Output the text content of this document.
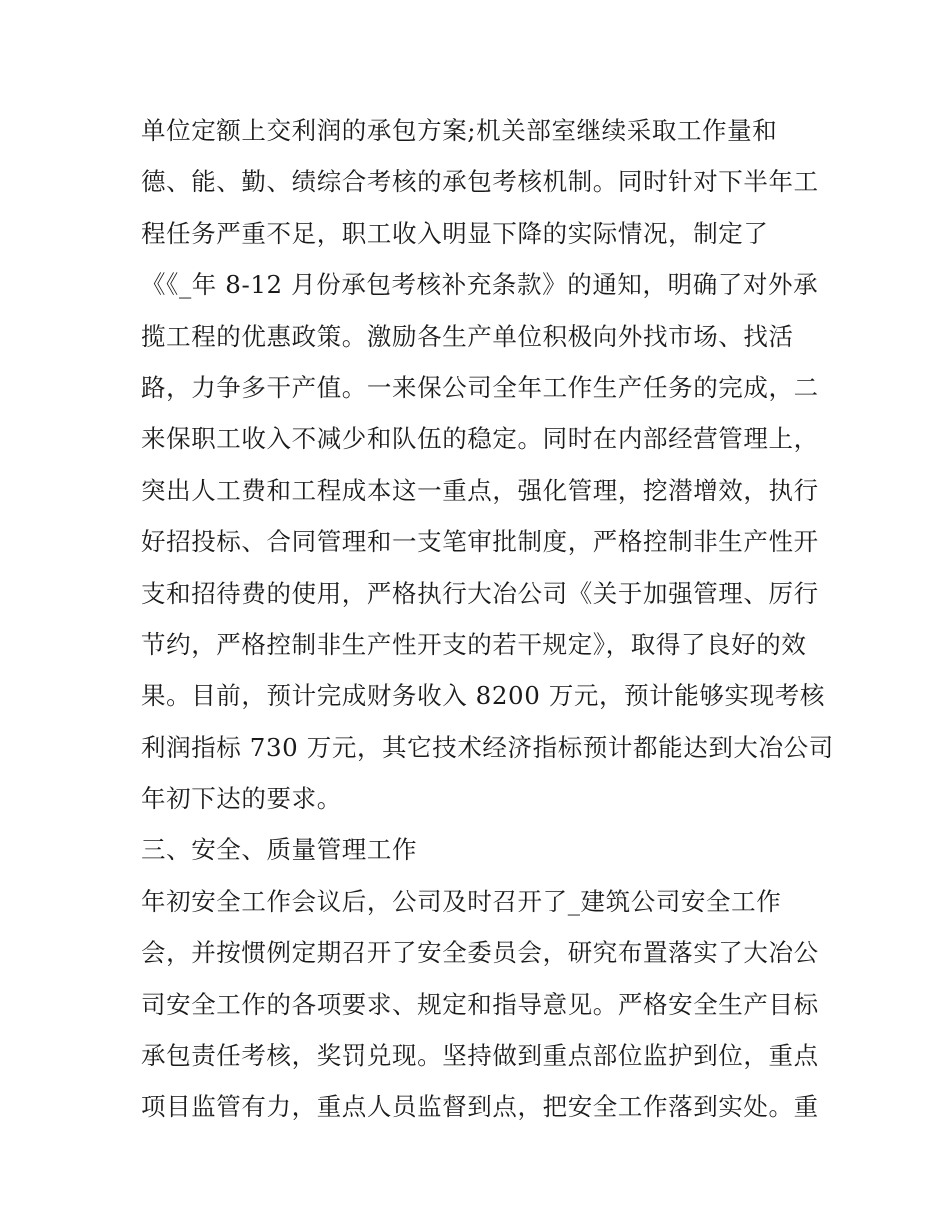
单位定额上交利润的承包方案;机关部室继续采取工作量和
德、能、勤、绩综合考核的承包考核机制。同时针对下半年工
程任务严重不足，职工收入明显下降的实际情况，制定了
《《_年 8-12 月份承包考核补充条款》的通知，明确了对外承
揽工程的优惠政策。激励各生产单位积极向外找市场、找活
路，力争多干产值。一来保公司全年工作生产任务的完成，二
来保职工收入不减少和队伍的稳定。同时在内部经营管理上，
突出人工费和工程成本这一重点，强化管理，挖潜增效，执行
好招投标、合同管理和一支笔审批制度，严格控制非生产性开
支和招待费的使用，严格执行大冶公司《关于加强管理、厉行
节约，严格控制非生产性开支的若干规定》，取得了良好的效
果。目前，预计完成财务收入 8200 万元，预计能够实现考核
利润指标 730 万元，其它技术经济指标预计都能达到大冶公司
年初下达的要求。
三、安全、质量管理工作
年初安全工作会议后，公司及时召开了_建筑公司安全工作
会，并按惯例定期召开了安全委员会，研究布置落实了大冶公
司安全工作的各项要求、规定和指导意见。严格安全生产目标
承包责任考核，奖罚兑现。坚持做到重点部位监护到位，重点
项目监管有力，重点人员监督到点，把安全工作落到实处。重
